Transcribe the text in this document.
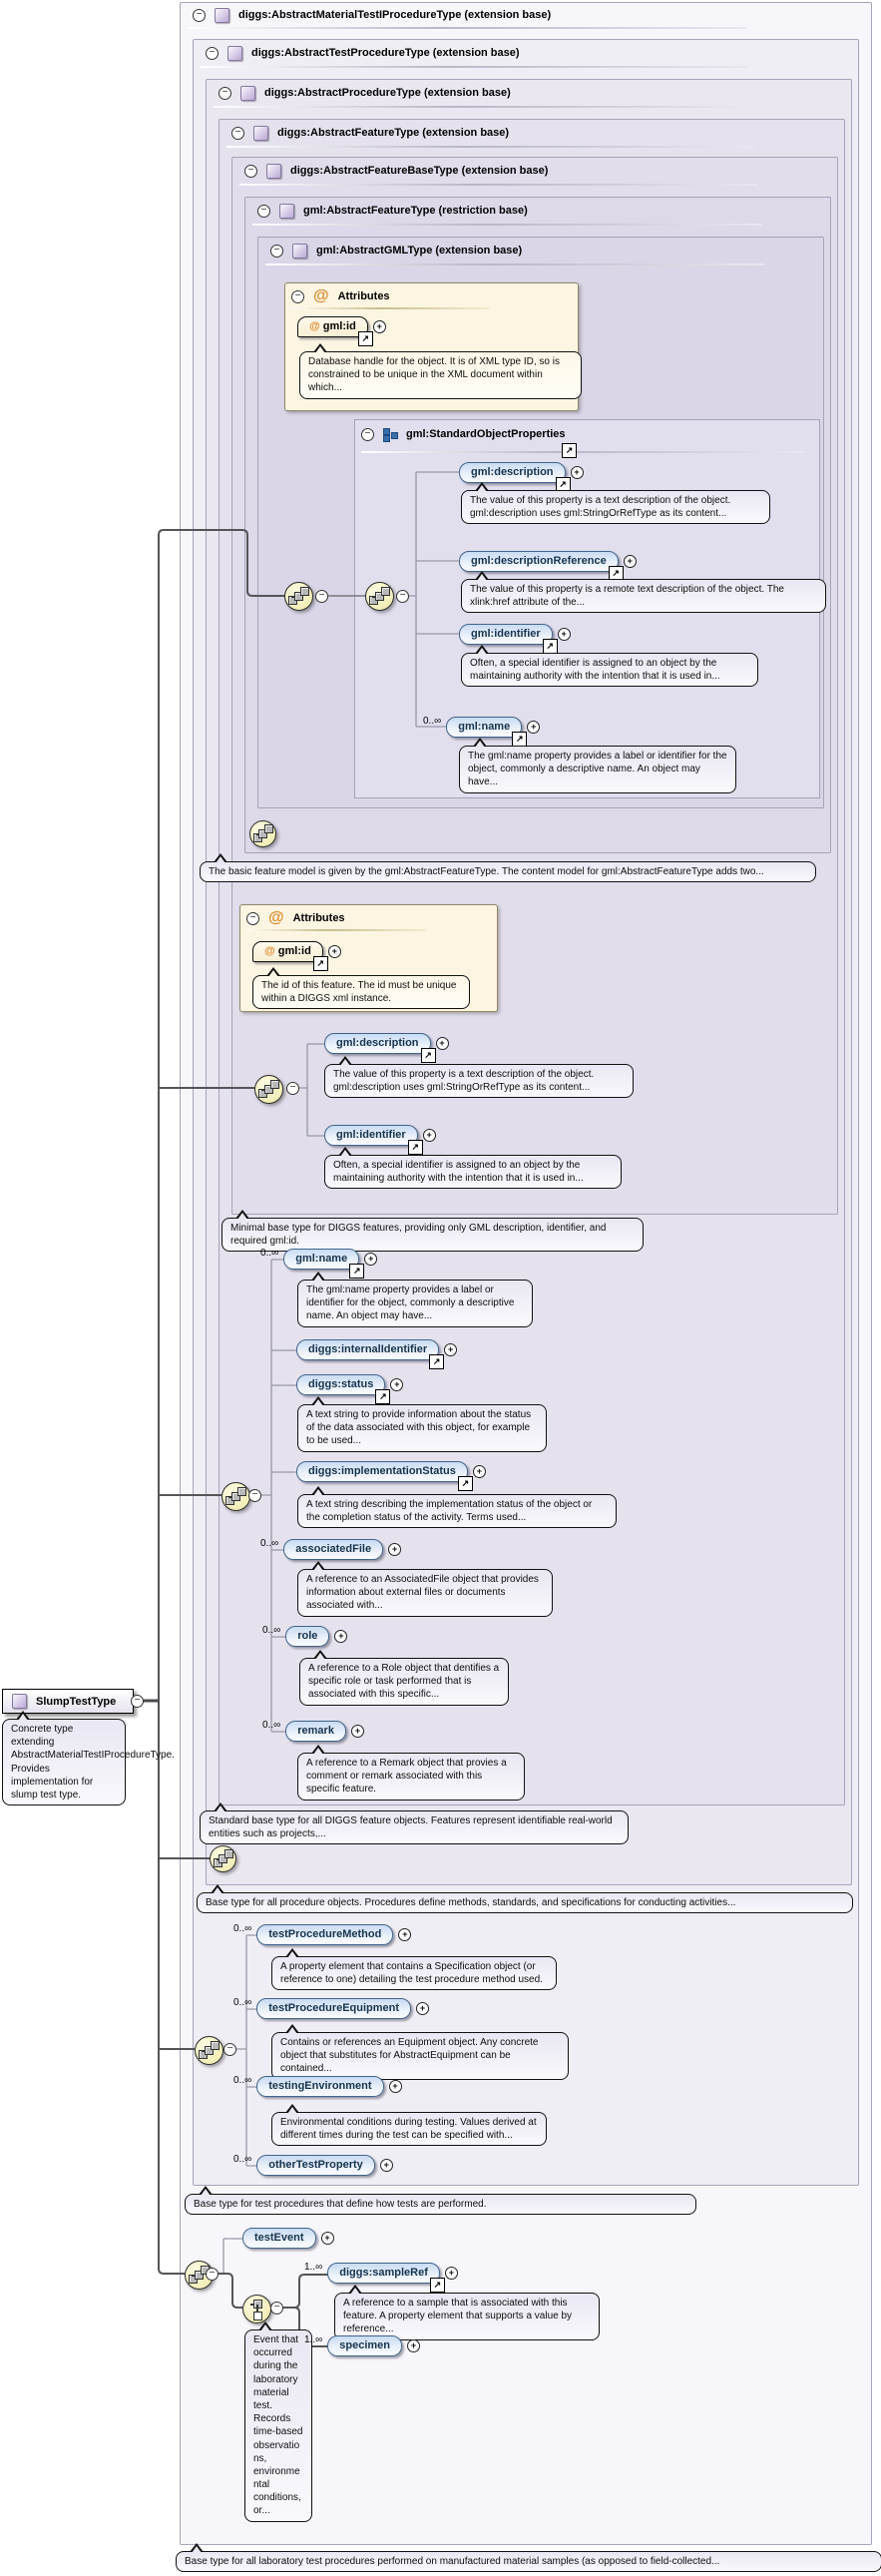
−	diggs:AbstractMaterialTestIProcedureType (extension base)
−	diggs:AbstractTestProcedureType (extension base)
−	diggs:AbstractProcedureType (extension base)
−	diggs:AbstractFeatureType (extension base)
−	diggs:AbstractFeatureBaseType (extension base)
−	gml:AbstractFeatureType (restriction base)
−	gml:AbstractGMLType (extension base)
− @ Attributes
@ gml:id
↗
+
Database handle for the object. It is of XML type ID, so is constrained to be unique in the XML document within which...
−	gml:StandardObjectProperties
↗
gml:description
↗
+
The value of this property is a text description of the object. gml:description uses gml:StringOrRefType as its content...
gml:descriptionReference
↗
+
The value of this property is a remote text description of the object. The xlink:href attribute of the...
gml:identifier
↗
+
Often, a special identifier is assigned to an object by the maintaining authority with the intention that it is used in...
0..∞	gml:name
↗
+
The gml:name property provides a label or identifier for the object, commonly a descriptive name. An object may have...
−	−
The basic feature model is given by the gml:AbstractFeatureType. The content model for gml:AbstractFeatureType adds two...
− @ Attributes
@ gml:id
↗
+
The id of this feature. The id must be unique within a DIGGS xml instance.
−
gml:description
↗
+
The value of this property is a text description of the object. gml:description uses gml:StringOrRefType as its content...
gml:identifier
↗
+
Often, a special identifier is assigned to an object by the maintaining authority with the intention that it is used in...
Minimal base type for DIGGS features, providing only GML description, identifier, and required gml:id.
−
0..∞	gml:name
↗
+
The gml:name property provides a label or identifier for the object, commonly a descriptive name. An object may have...
diggs:internalIdentifier
↗
+
diggs:status
↗
+
A text string to provide information about the status of the data associated with this object, for example to be used...
diggs:implementationStatus
↗
+
A text string describing the implementation status of the object or the completion status of the activity. Terms used...
0..∞	associatedFile	+
A reference to an AssociatedFile object that provides information about external files or documents associated with...
0..∞	role	+
A reference to a Role object that dentifies a specific role or task performed that is associated with this specific...
0..∞	remark	+
A reference to a Remark object that provies a comment or remark associated with this specific feature.
Standard base type for all DIGGS feature objects. Features represent identifiable real-world entities such as projects,...
Base type for all procedure objects. Procedures define methods, standards, and specifications for conducting activities...
−
0..∞	testProcedureMethod	+
A property element that contains a Specification object (or reference to one) detailing the test procedure method used.
0..∞	testProcedureEquipment	+
Contains or references an Equipment object. Any concrete object that substitutes for AbstractEquipment can be contained...
0..∞	testingEnvironment	+
Environmental conditions during testing. Values derived at different times during the test can be specified with...
0..∞	otherTestProperty	+
Base type for test procedures that define how tests are performed.
testEvent	+
−
−
Event that occurred during the laboratory material test. Records time-based observations, environmental conditions, or...
1..∞	diggs:sampleRef
↗
+
A reference to a sample that is associated with this feature. A property element that supports a value by reference...
1..∞	specimen	+
Base type for all laboratory test procedures performed on manufactured material samples (as opposed to field-collected...
SlumpTestType	−
Concrete type extending AbstractMaterialTestIProcedureType. Provides implementation for slump test type.
